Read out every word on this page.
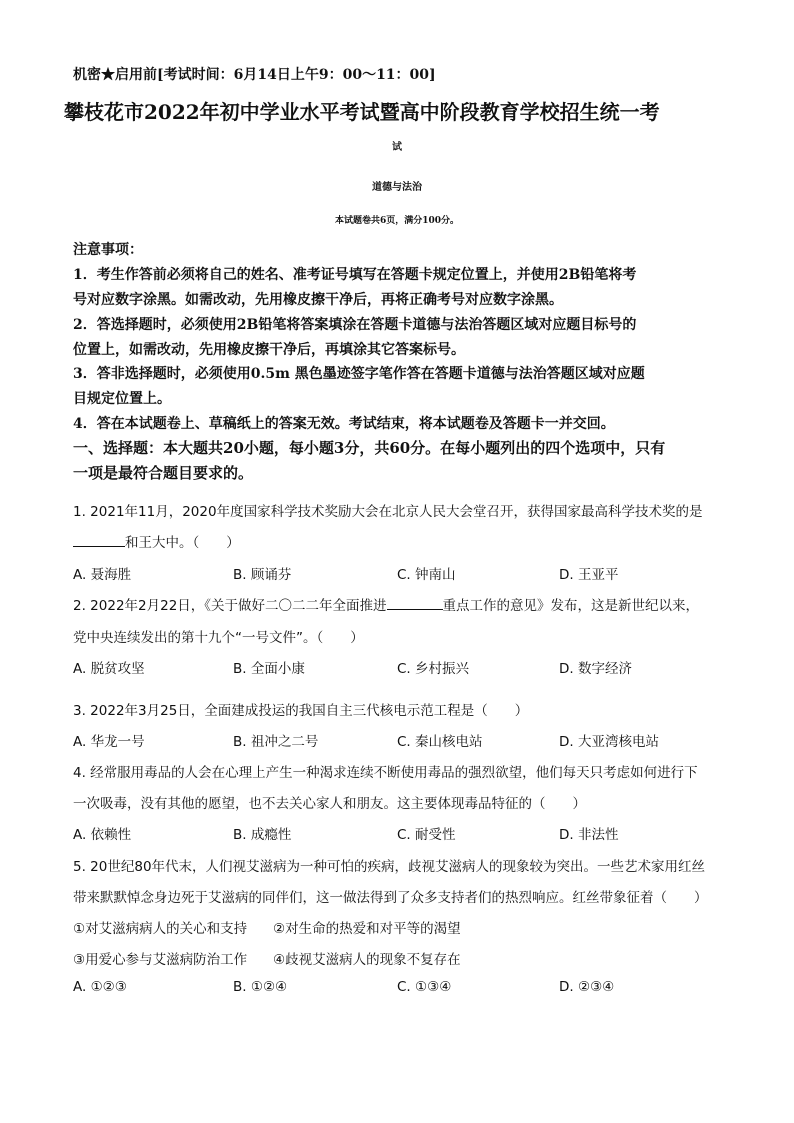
机密★启用前[考试时间：6月14日上午9：00～11：00]
攀枝花市2022年初中学业水平考试暨高中阶段教育学校招生统一考
试
道德与法治
本试题卷共6页，满分100分。
注意事项：
1．考生作答前必须将自己的姓名、准考证号填写在答题卡规定位置上，并使用2B铅笔将考
号对应数字涂黑。如需改动，先用橡皮擦干净后，再将正确考号对应数字涂黑。
2．答选择题时，必须使用2B铅笔将答案填涂在答题卡道德与法治答题区域对应题目标号的
位置上，如需改动，先用橡皮擦干净后，再填涂其它答案标号。
3．答非选择题时，必须使用0.5m 黑色墨迹签字笔作答在答题卡道德与法治答题区域对应题
目规定位置上。
4．答在本试题卷上、草稿纸上的答案无效。考试结束，将本试题卷及答题卡一并交回。
一、选择题：本大题共20小题，每小题3分，共60分。在每小题列出的四个选项中，只有
一项是最符合题目要求的。
1. 2021年11月，2020年度国家科学技术奖励大会在北京人民大会堂召开，获得国家最高科学技术奖的是
和王大中。（　　）
A. 聂海胜	B. 顾诵芬	C. 钟南山	D. 王亚平
2. 2022年2月22日，《关于做好二〇二二年全面推进	重点工作的意见》发布，这是新世纪以来，
党中央连续发出的第十九个“一号文件”。（　　）
A. 脱贫攻坚	B. 全面小康	C. 乡村振兴	D. 数字经济
3. 2022年3月25日，全面建成投运的我国自主三代核电示范工程是（　　）
A. 华龙一号	B. 祖冲之二号	C. 秦山核电站	D. 大亚湾核电站
4. 经常服用毒品的人会在心理上产生一种渴求连续不断使用毒品的强烈欲望，他们每天只考虑如何进行下
一次吸毒，没有其他的愿望，也不去关心家人和朋友。这主要体现毒品特征的（　　）
A. 依赖性	B. 成瘾性	C. 耐受性	D. 非法性
5. 20世纪80年代末，人们视艾滋病为一种可怕的疾病，歧视艾滋病人的现象较为突出。一些艺术家用红丝
带来默默悼念身边死于艾滋病的同伴们，这一做法得到了众多支持者们的热烈响应。红丝带象征着（　　）
①对艾滋病病人的关心和支持 ②对生命的热爱和对平等的渴望
③用爱心参与艾滋病防治工作 ④歧视艾滋病人的现象不复存在
A. ①②③	B. ①②④	C. ①③④	D. ②③④
